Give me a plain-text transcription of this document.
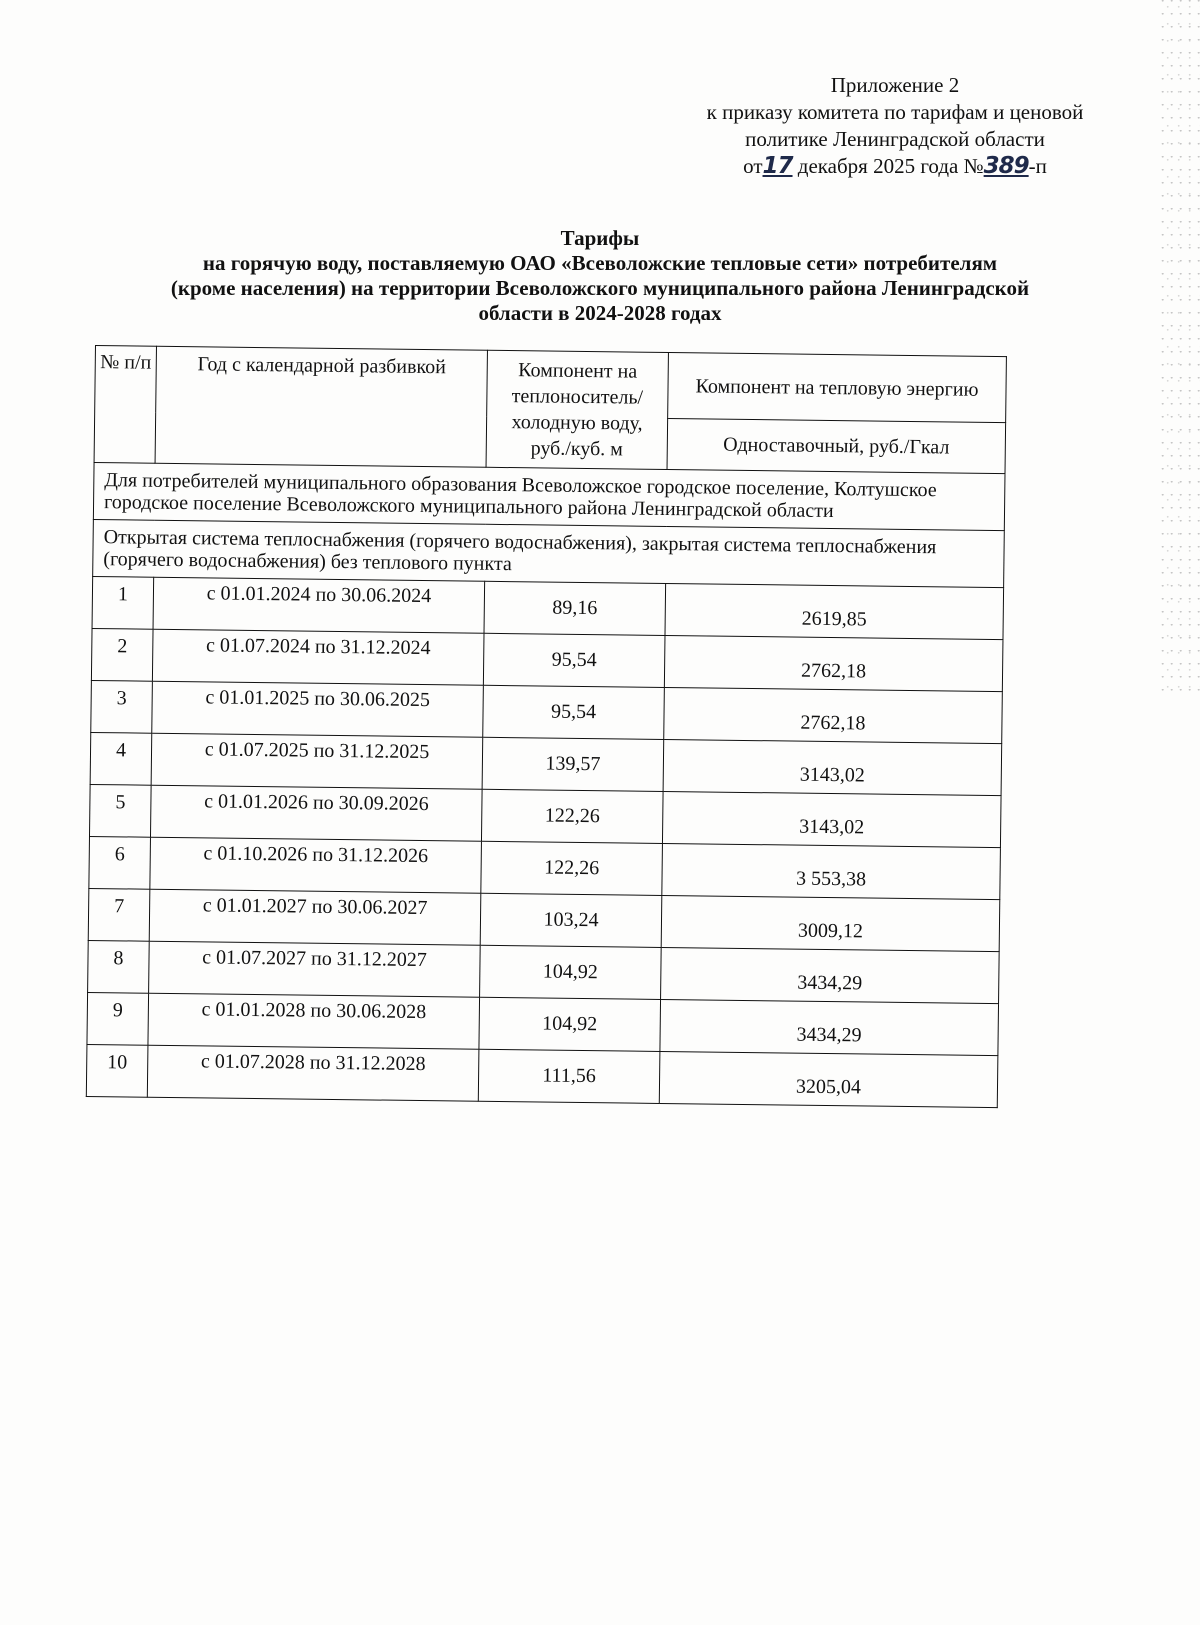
Приложение 2
к приказу комитета по тарифам и ценовой
политике Ленинградской области
от17 декабря 2025 года №389-п
Тарифы
на горячую воду, поставляемую ОАО «Всеволожские тепловые сети» потребителям
(кроме населения) на территории Всеволожского муниципального района Ленинградской
области в 2024-2028 годах
№ п/п	Год с календарной разбивкой	Компонент на теплоноситель/ холодную воду, руб./куб. м	Компонент на тепловую энергию
			Одноставочный, руб./Гкал
Для потребителей муниципального образования Всеволожское городское поселение, Колтушское городское поселение Всеволожского муниципального района Ленинградской области			
Открытая система теплоснабжения (горячего водоснабжения), закрытая система теплоснабжения (горячего водоснабжения) без теплового пункта			
1	с 01.01.2024 по 30.06.2024	89,16	2619,85
2	с 01.07.2024 по 31.12.2024	95,54	2762,18
3	с 01.01.2025 по 30.06.2025	95,54	2762,18
4	с 01.07.2025 по 31.12.2025	139,57	3143,02
5	с 01.01.2026 по 30.09.2026	122,26	3143,02
6	с 01.10.2026 по 31.12.2026	122,26	3 553,38
7	с 01.01.2027 по 30.06.2027	103,24	3009,12
8	с 01.07.2027 по 31.12.2027	104,92	3434,29
9	с 01.01.2028 по 30.06.2028	104,92	3434,29
10	с 01.07.2028 по 31.12.2028	111,56	3205,04
